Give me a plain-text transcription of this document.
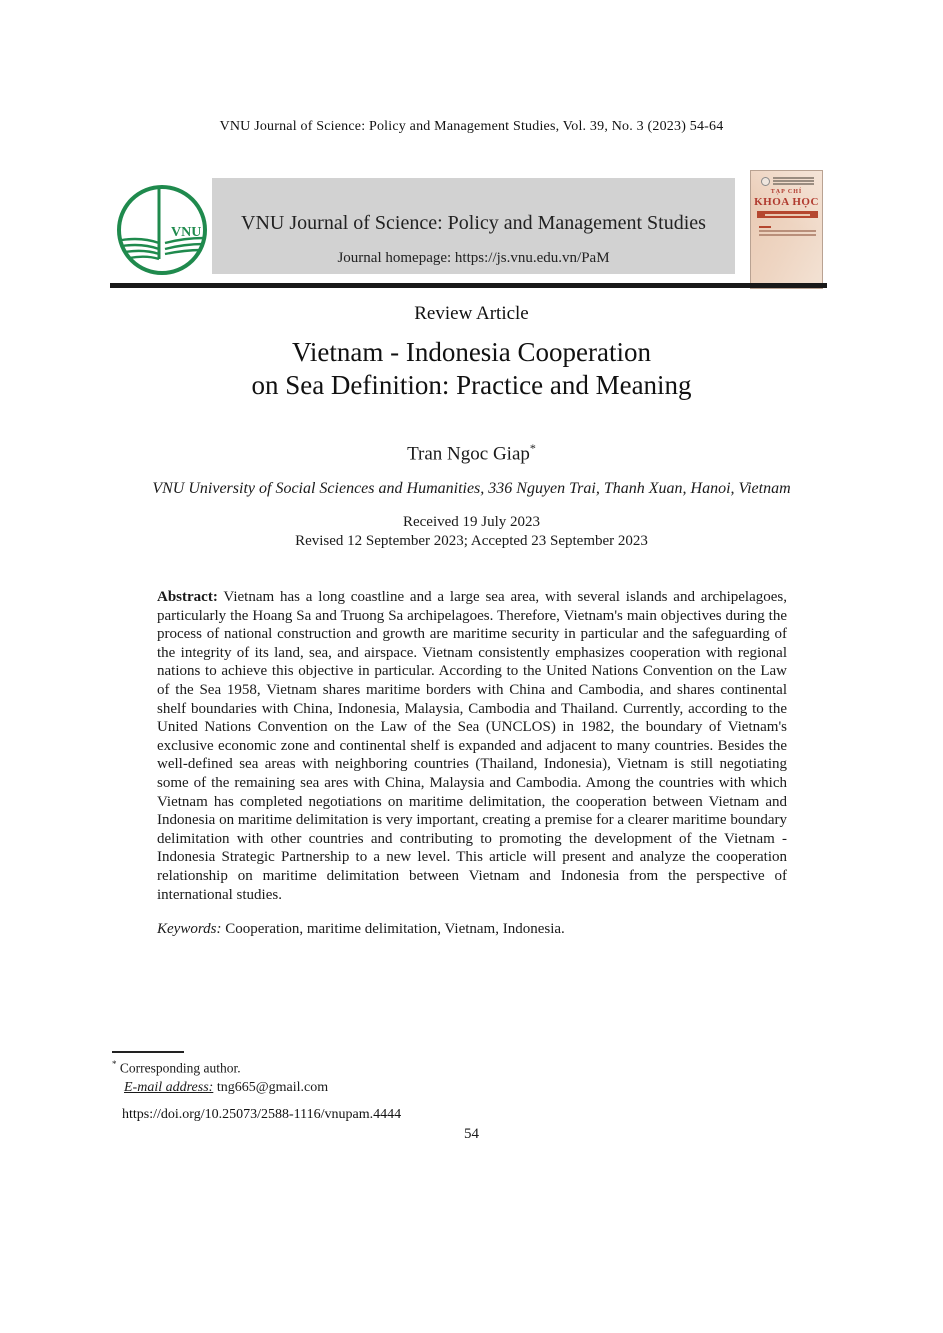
VNU Journal of Science: Policy and Management Studies, Vol. 39, No. 3 (2023) 54-64
VNU	VNU Journal of Science: Policy and Management Studies
Journal homepage: https://js.vnu.edu.vn/PaM
TẠP CHÍ
KHOA HỌC
Review Article
Vietnam - Indonesia Cooperation
on Sea Definition: Practice and Meaning
Tran Ngoc Giap*
VNU University of Social Sciences and Humanities, 336 Nguyen Trai, Thanh Xuan, Hanoi, Vietnam
Received 19 July 2023
Revised 12 September 2023; Accepted 23 September 2023

Abstract: Vietnam has a long coastline and a large sea area, with several islands and archipelagoes, particularly the Hoang Sa and Truong Sa archipelagoes. Therefore, Vietnam's main objectives during the process of national construction and growth are maritime security in particular and the safeguarding of the integrity of its land, sea, and airspace. Vietnam consistently emphasizes cooperation with regional nations to achieve this objective in particular. According to the United Nations Convention on the Law of the Sea 1958, Vietnam shares maritime borders with China and Cambodia, and shares continental shelf boundaries with China, Indonesia, Malaysia, Cambodia and Thailand. Currently, according to the United Nations Convention on the Law of the Sea (UNCLOS) in 1982, the boundary of Vietnam's exclusive economic zone and continental shelf is expanded and adjacent to many countries. Besides the well-defined sea areas with neighboring countries (Thailand, Indonesia), Vietnam is still negotiating some of the remaining sea ares with China, Malaysia and Cambodia. Among the countries with which Vietnam has completed negotiations on maritime delimitation, the cooperation between Vietnam and Indonesia on maritime delimitation is very important, creating a premise for a clearer maritime boundary delimitation with other countries and contributing to promoting the development of the Vietnam - Indonesia Strategic Partnership to a new level. This article will present and analyze the cooperation relationship on maritime delimitation between Vietnam and Indonesia from the perspective of international studies.

Keywords: Cooperation, maritime delimitation, Vietnam, Indonesia.

* Corresponding author.
E-mail address: tng665@gmail.com
https://doi.org/10.25073/2588-1116/vnupam.4444
54
